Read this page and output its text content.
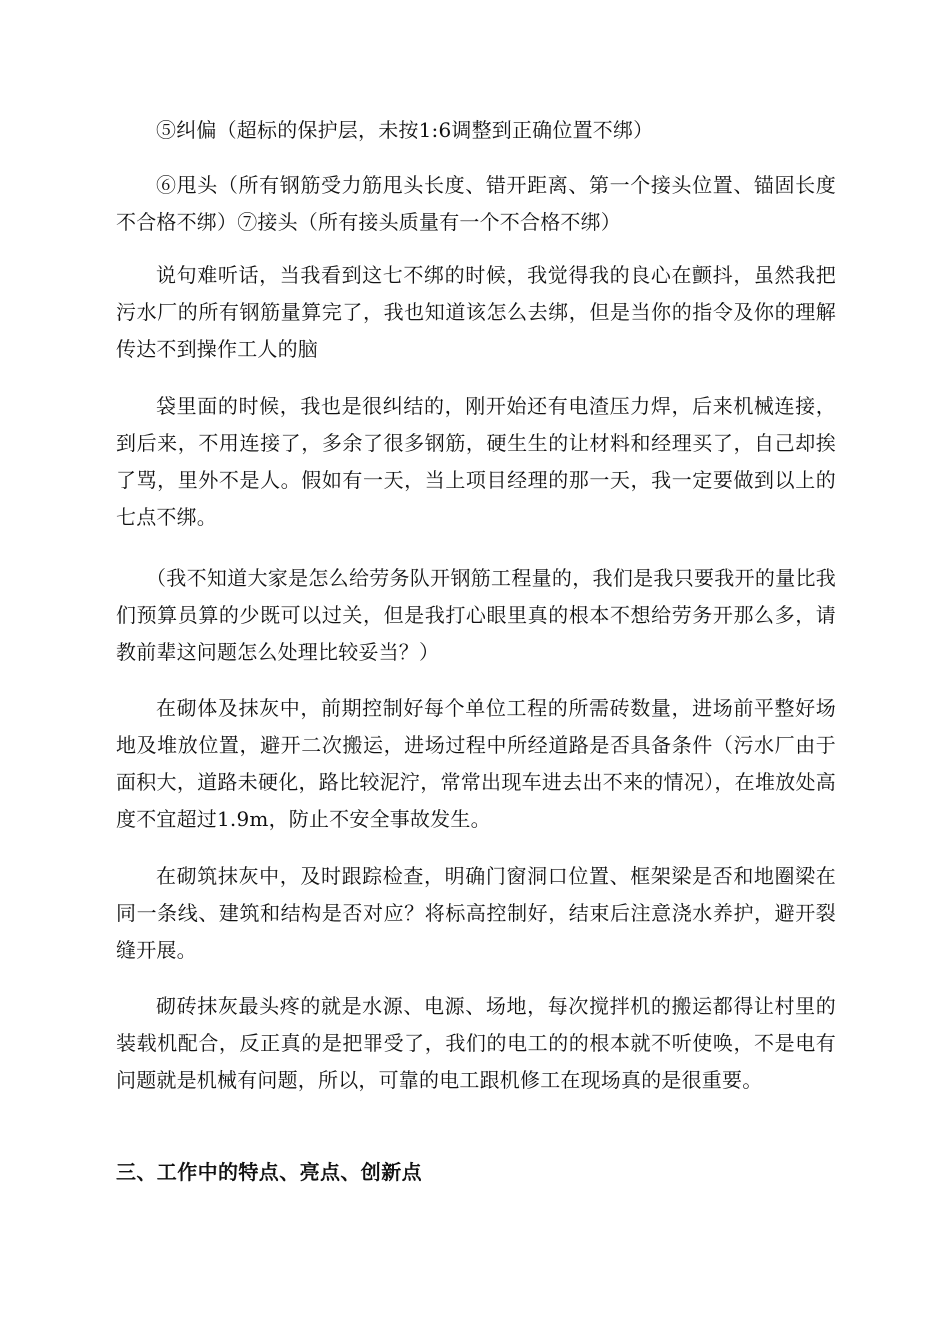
⑤纠偏（超标的保护层，未按1:6调整到正确位置不绑）

⑥甩头（所有钢筋受力筋甩头长度、错开距离、第一个接头位置、锚固长度不合格不绑）⑦接头（所有接头质量有一个不合格不绑）

说句难听话，当我看到这七不绑的时候，我觉得我的良心在颤抖，虽然我把污水厂的所有钢筋量算完了，我也知道该怎么去绑，但是当你的指令及你的理解传达不到操作工人的脑

袋里面的时候，我也是很纠结的，刚开始还有电渣压力焊，后来机械连接，到后来，不用连接了，多余了很多钢筋，硬生生的让材料和经理买了，自己却挨了骂，里外不是人。假如有一天，当上项目经理的那一天，我一定要做到以上的七点不绑。

（我不知道大家是怎么给劳务队开钢筋工程量的，我们是我只要我开的量比我们预算员算的少既可以过关，但是我打心眼里真的根本不想给劳务开那么多，请教前辈这问题怎么处理比较妥当？）

在砌体及抹灰中，前期控制好每个单位工程的所需砖数量，进场前平整好场地及堆放位置，避开二次搬运，进场过程中所经道路是否具备条件（污水厂由于面积大，道路未硬化，路比较泥泞，常常出现车进去出不来的情况），在堆放处高度不宜超过1.9m，防止不安全事故发生。

在砌筑抹灰中，及时跟踪检查，明确门窗洞口位置、框架梁是否和地圈梁在同一条线、建筑和结构是否对应？将标高控制好，结束后注意浇水养护，避开裂缝开展。

砌砖抹灰最头疼的就是水源、电源、场地，每次搅拌机的搬运都得让村里的装载机配合，反正真的是把罪受了，我们的电工的的根本就不听使唤，不是电有问题就是机械有问题，所以，可靠的电工跟机修工在现场真的是很重要。

三、工作中的特点、亮点、创新点
